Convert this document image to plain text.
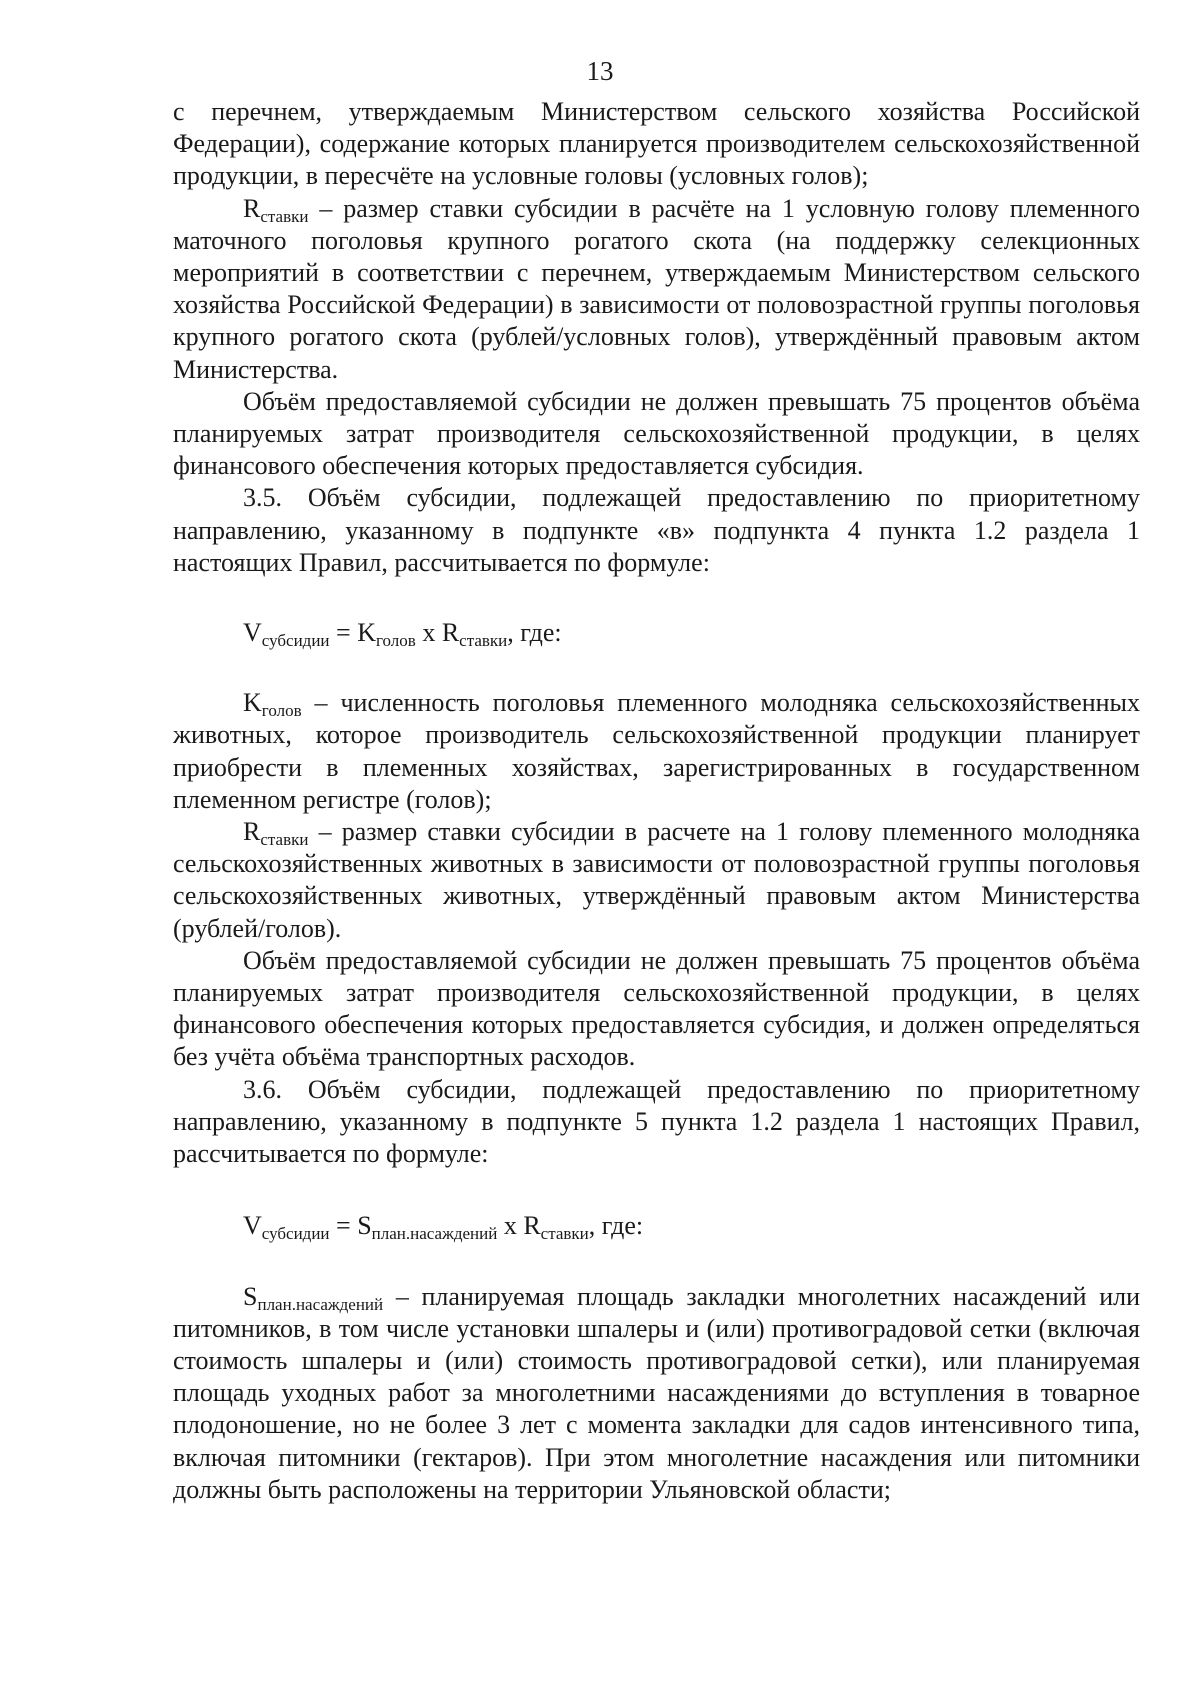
13

с перечнем, утверждаемым Министерством сельского хозяйства Российской Федерации), содержание которых планируется производителем сельскохозяйственной продукции, в пересчёте на условные головы (условных голов);

$R_{ставки}$ – размер ставки субсидии в расчёте на 1 условную голову племенного маточного поголовья крупного рогатого скота (на поддержку селекционных мероприятий в соответствии с перечнем, утверждаемым Министерством сельского хозяйства Российской Федерации) в зависимости от половозрастной группы поголовья крупного рогатого скота (рублей/условных голов), утверждённый правовым актом Министерства.

Объём предоставляемой субсидии не должен превышать 75 процентов объёма планируемых затрат производителя сельскохозяйственной продукции, в целях финансового обеспечения которых предоставляется субсидия.

3.5. Объём субсидии, подлежащей предоставлению по приоритетному направлению, указанному в подпункте «в» подпункта 4 пункта 1.2 раздела 1 настоящих Правил, рассчитывается по формуле:

$V_{субсидии} = K_{голов}$ x $R_{ставки}$, где:

$K_{голов}$ – численность поголовья племенного молодняка сельскохозяйственных животных, которое производитель сельскохозяйственной продукции планирует приобрести в племенных хозяйствах, зарегистрированных в государственном племенном регистре (голов);

$R_{ставки}$ – размер ставки субсидии в расчете на 1 голову племенного молодняка сельскохозяйственных животных в зависимости от половозрастной группы поголовья сельскохозяйственных животных, утверждённый правовым актом Министерства (рублей/голов).

Объём предоставляемой субсидии не должен превышать 75 процентов объёма планируемых затрат производителя сельскохозяйственной продукции, в целях финансового обеспечения которых предоставляется субсидия, и должен определяться без учёта объёма транспортных расходов.

3.6. Объём субсидии, подлежащей предоставлению по приоритетному направлению, указанному в подпункте 5 пункта 1.2 раздела 1 настоящих Правил, рассчитывается по формуле:

$V_{субсидии} = S_{план.насаждений}$ x $R_{ставки}$, где:

$S_{план.насаждений}$ – планируемая площадь закладки многолетних насаждений или питомников, в том числе установки шпалеры и (или) противоградовой сетки (включая стоимость шпалеры и (или) стоимость противоградовой сетки), или планируемая площадь уходных работ за многолетними насаждениями до вступления в товарное плодоношение, но не более 3 лет с момента закладки для садов интенсивного типа, включая питомники (гектаров). При этом многолетние насаждения или питомники должны быть расположены на территории Ульяновской области;
